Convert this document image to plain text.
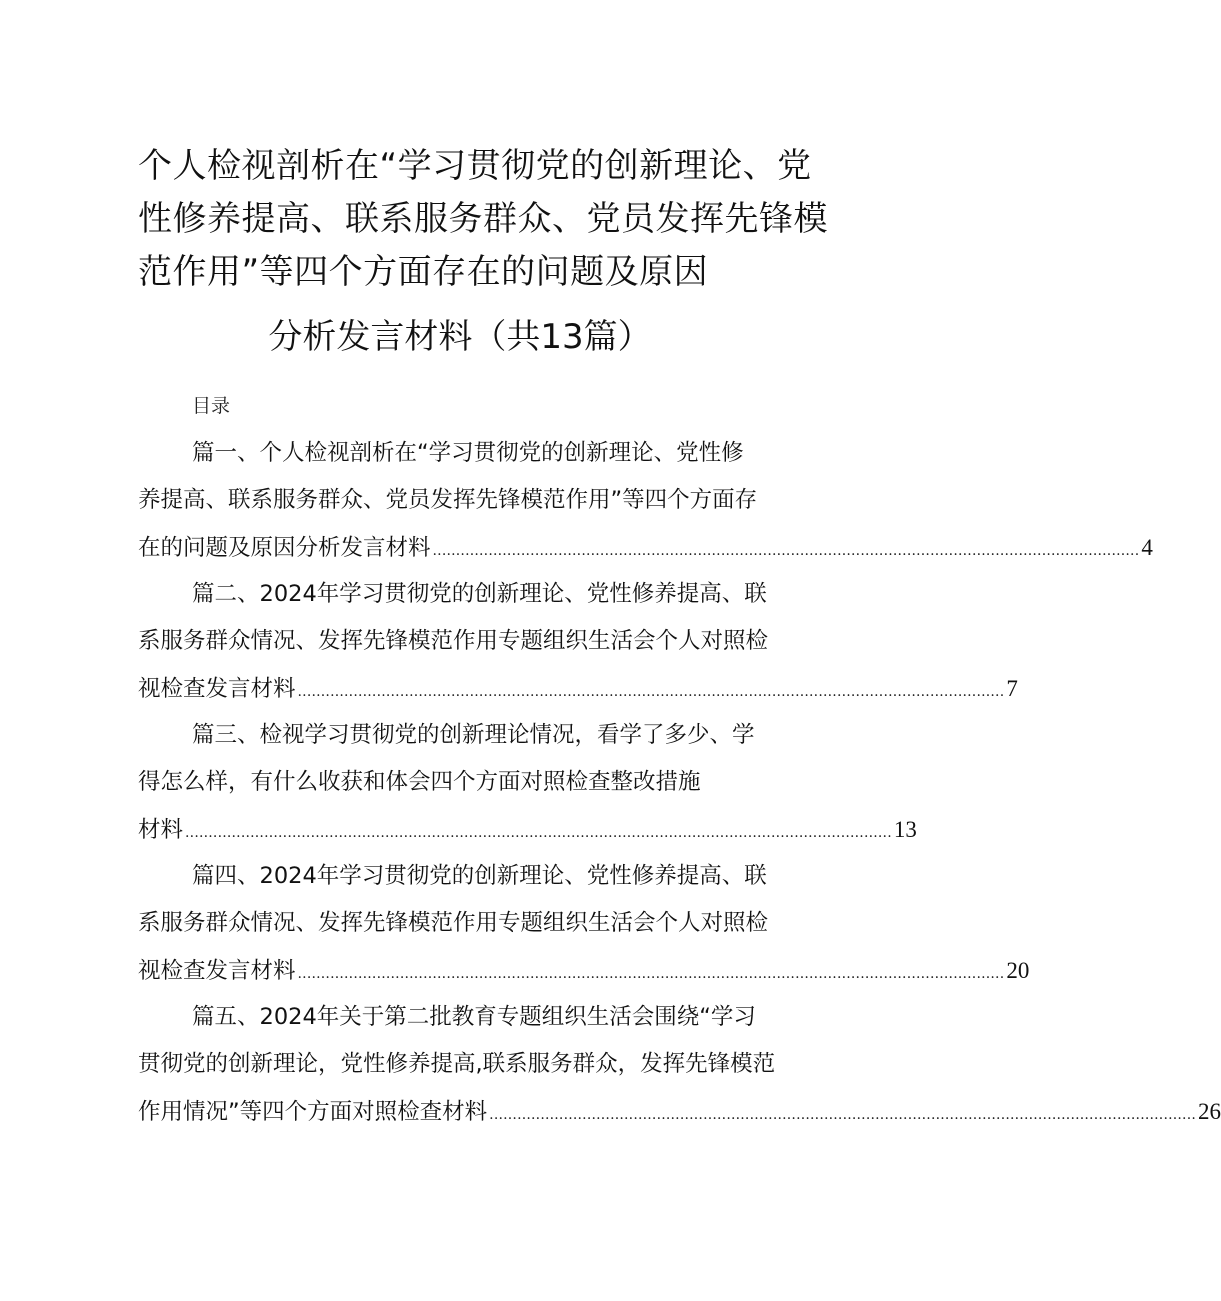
个人检视剖析在“学习贯彻党的创新理论、党
性修养提高、联系服务群众、党员发挥先锋模
范作用”等四个方面存在的问题及原因
分析发言材料（共13篇）
目录
篇一、个人检视剖析在“学习贯彻党的创新理论、党性修
养提高、联系服务群众、党员发挥先锋模范作用”等四个方面存
在的问题及原因分析发言材料 ........................................................................................................................................................ 4
篇二、2024年学习贯彻党的创新理论、党性修养提高、联
系服务群众情况、发挥先锋模范作用专题组织生活会个人对照检
视检查发言材料 ........................................................................................................................................................ 7
篇三、检视学习贯彻党的创新理论情况，看学了多少、学
得怎么样，有什么收获和体会四个方面对照检查整改措施
材料 ........................................................................................................................................................ 13
篇四、2024年学习贯彻党的创新理论、党性修养提高、联
系服务群众情况、发挥先锋模范作用专题组织生活会个人对照检
视检查发言材料 ........................................................................................................................................................ 20
篇五、2024年关于第二批教育专题组织生活会围绕“学习
贯彻党的创新理论，党性修养提高,联系服务群众，发挥先锋模范
作用情况”等四个方面对照检查材料 ........................................................................................................................................................ 26
